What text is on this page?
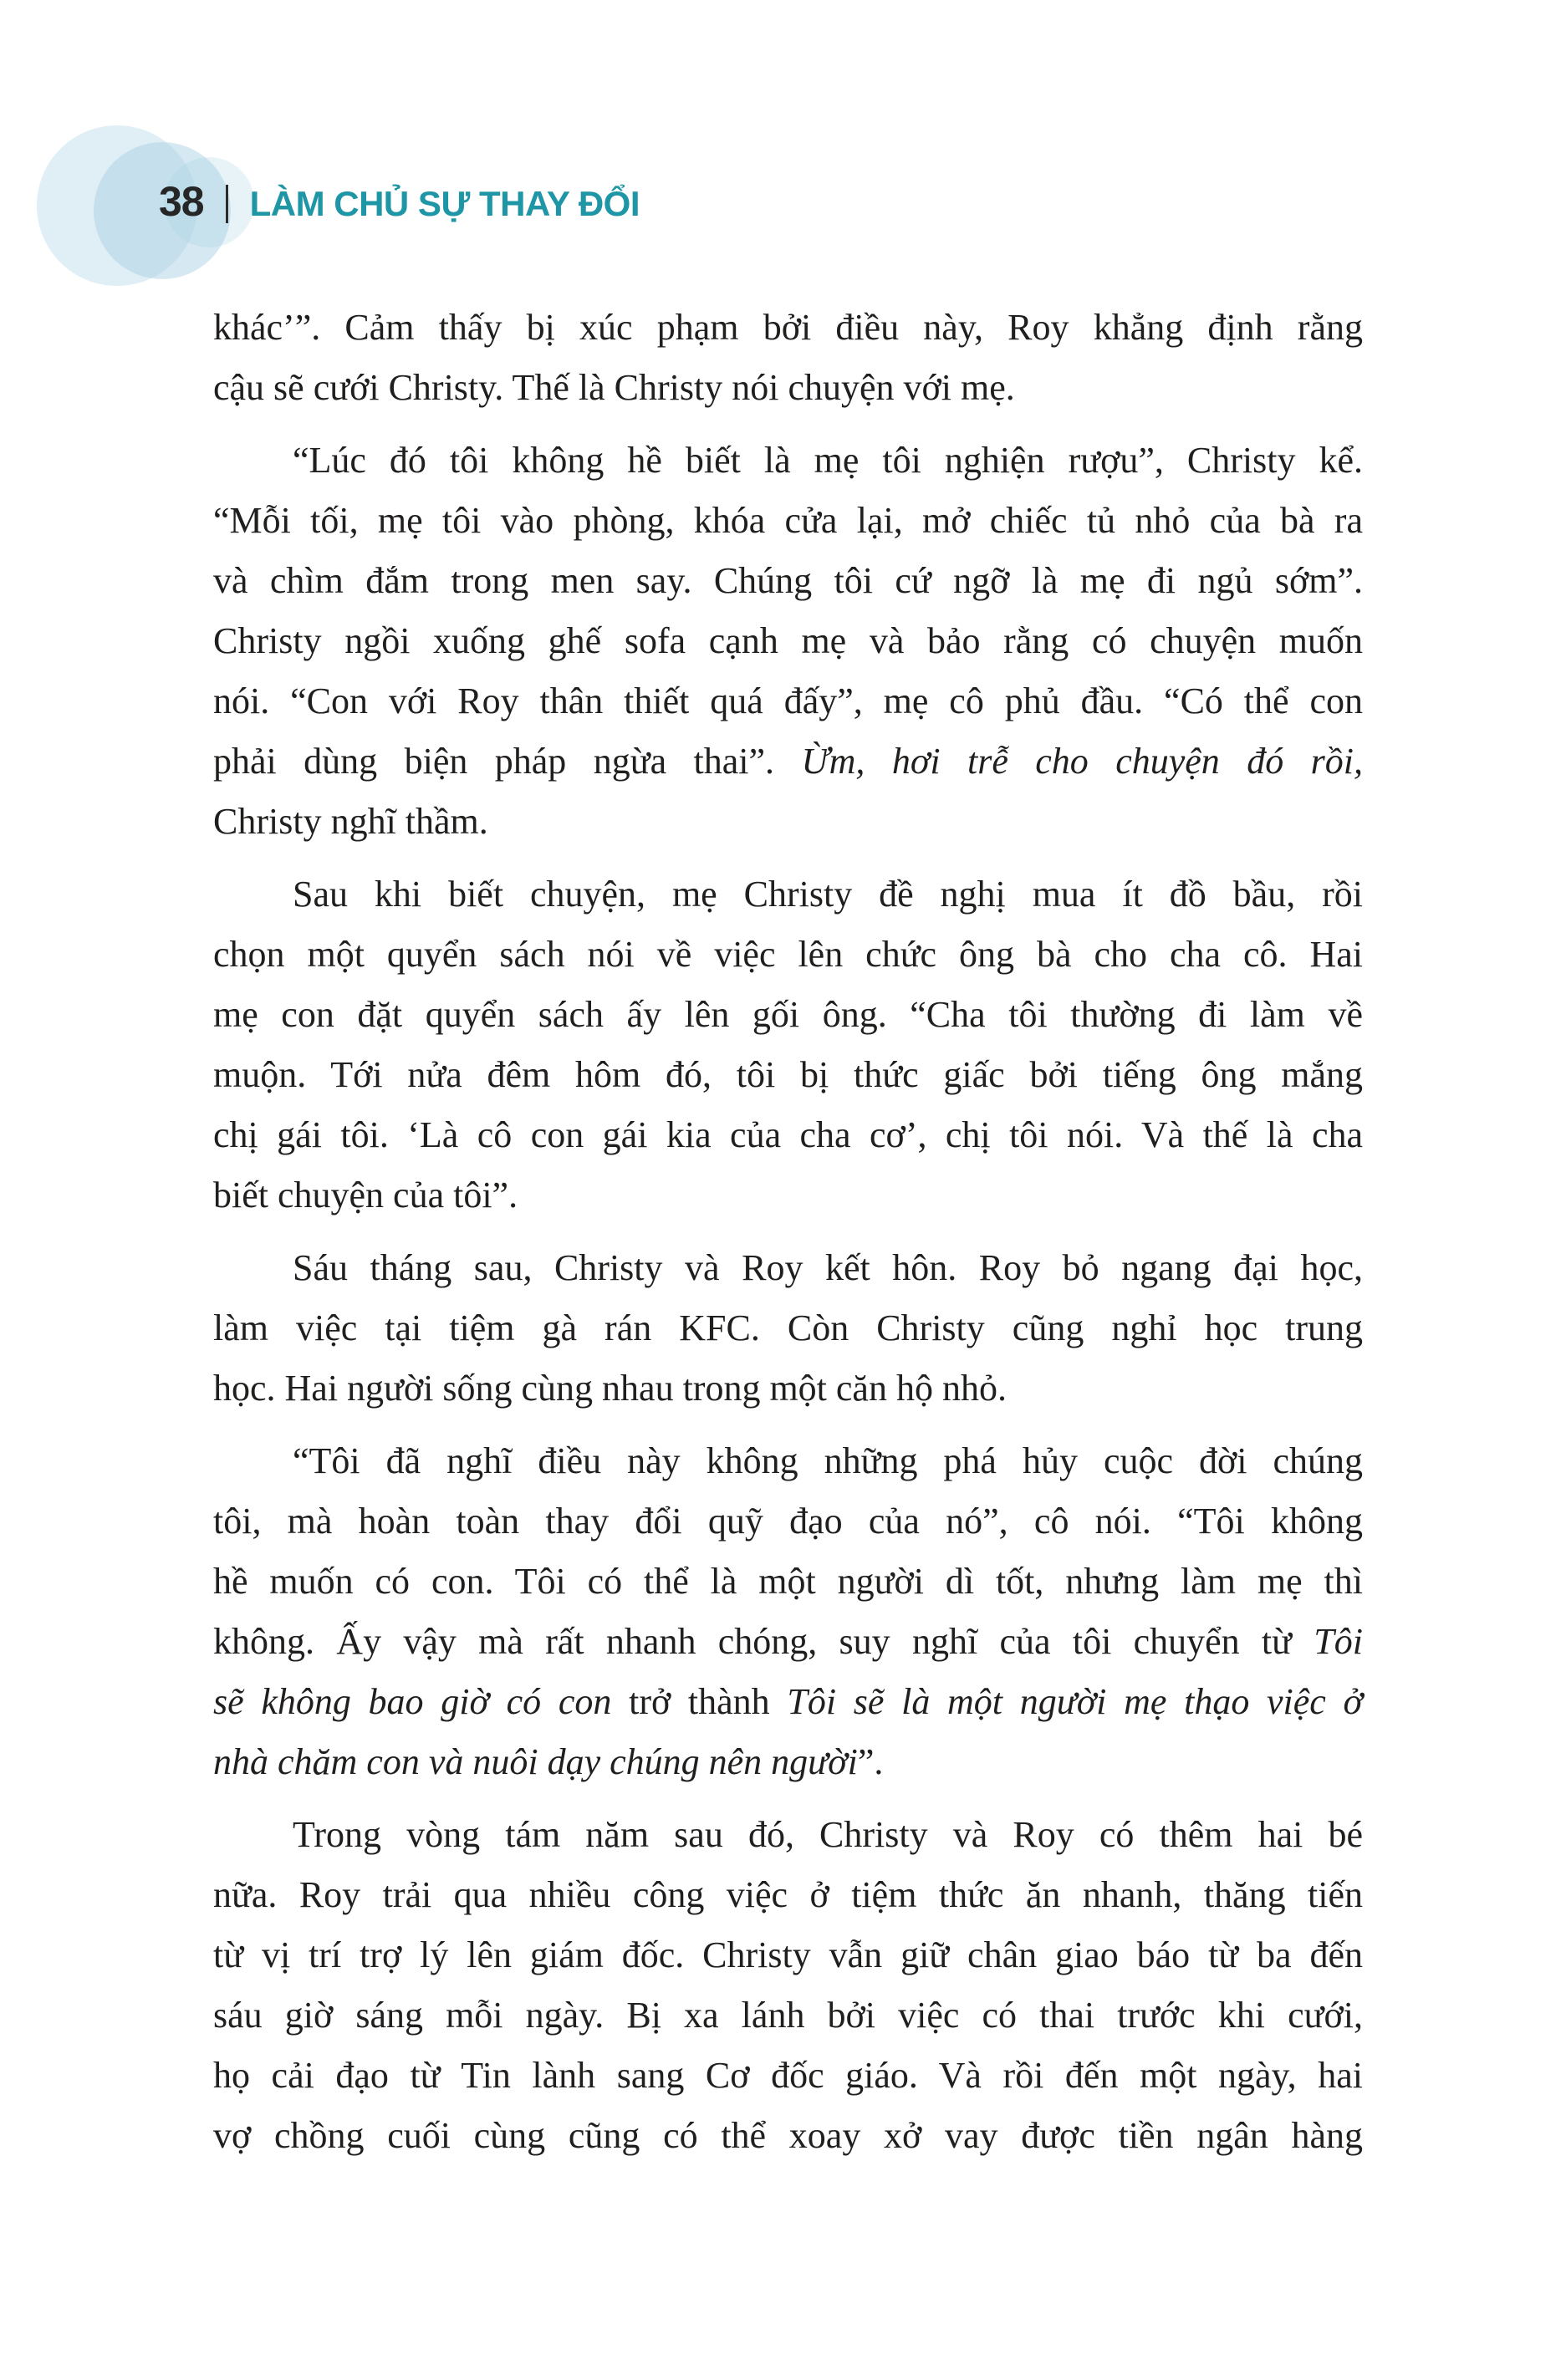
38 LÀM CHỦ SỰ THAY ĐỔI
khác’”. Cảm thấy bị xúc phạm bởi điều này, Roy khẳng định rằng
cậu sẽ cưới Christy. Thế là Christy nói chuyện với mẹ.
“Lúc đó tôi không hề biết là mẹ tôi nghiện rượu”, Christy kể.
“Mỗi tối, mẹ tôi vào phòng, khóa cửa lại, mở chiếc tủ nhỏ của bà ra
và chìm đắm trong men say. Chúng tôi cứ ngỡ là mẹ đi ngủ sớm”.
Christy ngồi xuống ghế sofa cạnh mẹ và bảo rằng có chuyện muốn
nói. “Con với Roy thân thiết quá đấy”, mẹ cô phủ đầu. “Có thể con
phải dùng biện pháp ngừa thai”. Ừm, hơi trễ cho chuyện đó rồi,
Christy nghĩ thầm.
Sau khi biết chuyện, mẹ Christy đề nghị mua ít đồ bầu, rồi
chọn một quyển sách nói về việc lên chức ông bà cho cha cô. Hai
mẹ con đặt quyển sách ấy lên gối ông. “Cha tôi thường đi làm về
muộn. Tới nửa đêm hôm đó, tôi bị thức giấc bởi tiếng ông mắng
chị gái tôi. ‘Là cô con gái kia của cha cơ’, chị tôi nói. Và thế là cha
biết chuyện của tôi”.
Sáu tháng sau, Christy và Roy kết hôn. Roy bỏ ngang đại học,
làm việc tại tiệm gà rán KFC. Còn Christy cũng nghỉ học trung
học. Hai người sống cùng nhau trong một căn hộ nhỏ.
“Tôi đã nghĩ điều này không những phá hủy cuộc đời chúng
tôi, mà hoàn toàn thay đổi quỹ đạo của nó”, cô nói. “Tôi không
hề muốn có con. Tôi có thể là một người dì tốt, nhưng làm mẹ thì
không. Ấy vậy mà rất nhanh chóng, suy nghĩ của tôi chuyển từ Tôi
sẽ không bao giờ có con trở thành Tôi sẽ là một người mẹ thạo việc ở
nhà chăm con và nuôi dạy chúng nên người”.
Trong vòng tám năm sau đó, Christy và Roy có thêm hai bé
nữa. Roy trải qua nhiều công việc ở tiệm thức ăn nhanh, thăng tiến
từ vị trí trợ lý lên giám đốc. Christy vẫn giữ chân giao báo từ ba đến
sáu giờ sáng mỗi ngày. Bị xa lánh bởi việc có thai trước khi cưới,
họ cải đạo từ Tin lành sang Cơ đốc giáo. Và rồi đến một ngày, hai
vợ chồng cuối cùng cũng có thể xoay xở vay được tiền ngân hàng
